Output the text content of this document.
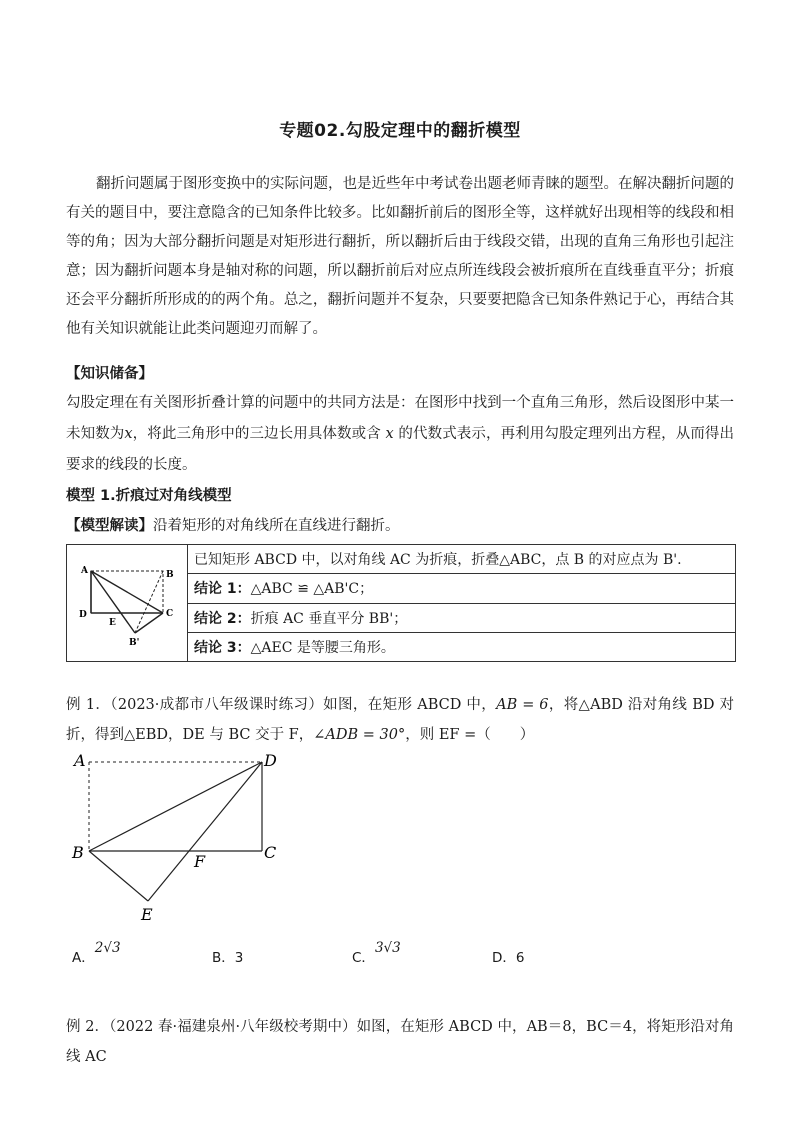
专题02.勾股定理中的翻折模型

翻折问题属于图形变换中的实际问题，也是近些年中考试卷出题老师青睐的题型。在解决翻折问题的有关的题目中，要注意隐含的已知条件比较多。比如翻折前后的图形全等，这样就好出现相等的线段和相等的角；因为大部分翻折问题是对矩形进行翻折，所以翻折后由于线段交错，出现的直角三角形也引起注意；因为翻折问题本身是轴对称的问题，所以翻折前后对应点所连线段会被折痕所在直线垂直平分；折痕还会平分翻折所形成的的两个角。总之，翻折问题并不复杂，只要要把隐含已知条件熟记于心，再结合其他有关知识就能让此类问题迎刃而解了。

【知识储备】

勾股定理在有关图形折叠计算的问题中的共同方法是：在图形中找到一个直角三角形，然后设图形中某一未知数为x，将此三角形中的三边长用具体数或含 x 的代数式表示，再利用勾股定理列出方程，从而得出要求的线段的长度。

模型 1.折痕过对角线模型
【模型解读】沿着矩形的对角线所在直线进行翻折。
A	B
C
D
E
B'
	已知矩形 ABCD 中，以对角线 AC 为折痕，折叠△ABC，点 B 的对应点为 B'.
结论 1：△ABC ≌ △AB'C；
结论 2：折痕 AC 垂直平分 BB'；
结论 3：△AEC 是等腰三角形。

例 1．（2023·成都市八年级课时练习）如图，在矩形 ABCD 中，AB = 6，将△ABD 沿对角线 BD 对折，得到△EBD，DE 与 BC 交于 F，∠ADB = 30°，则 EF =（　　）

A	D
B	C
F
E
A．2√3
B．3	C．3√3
D．6

例 2．（2022 春·福建泉州·八年级校考期中）如图，在矩形 ABCD 中，AB＝8，BC＝4，将矩形沿对角线 AC
